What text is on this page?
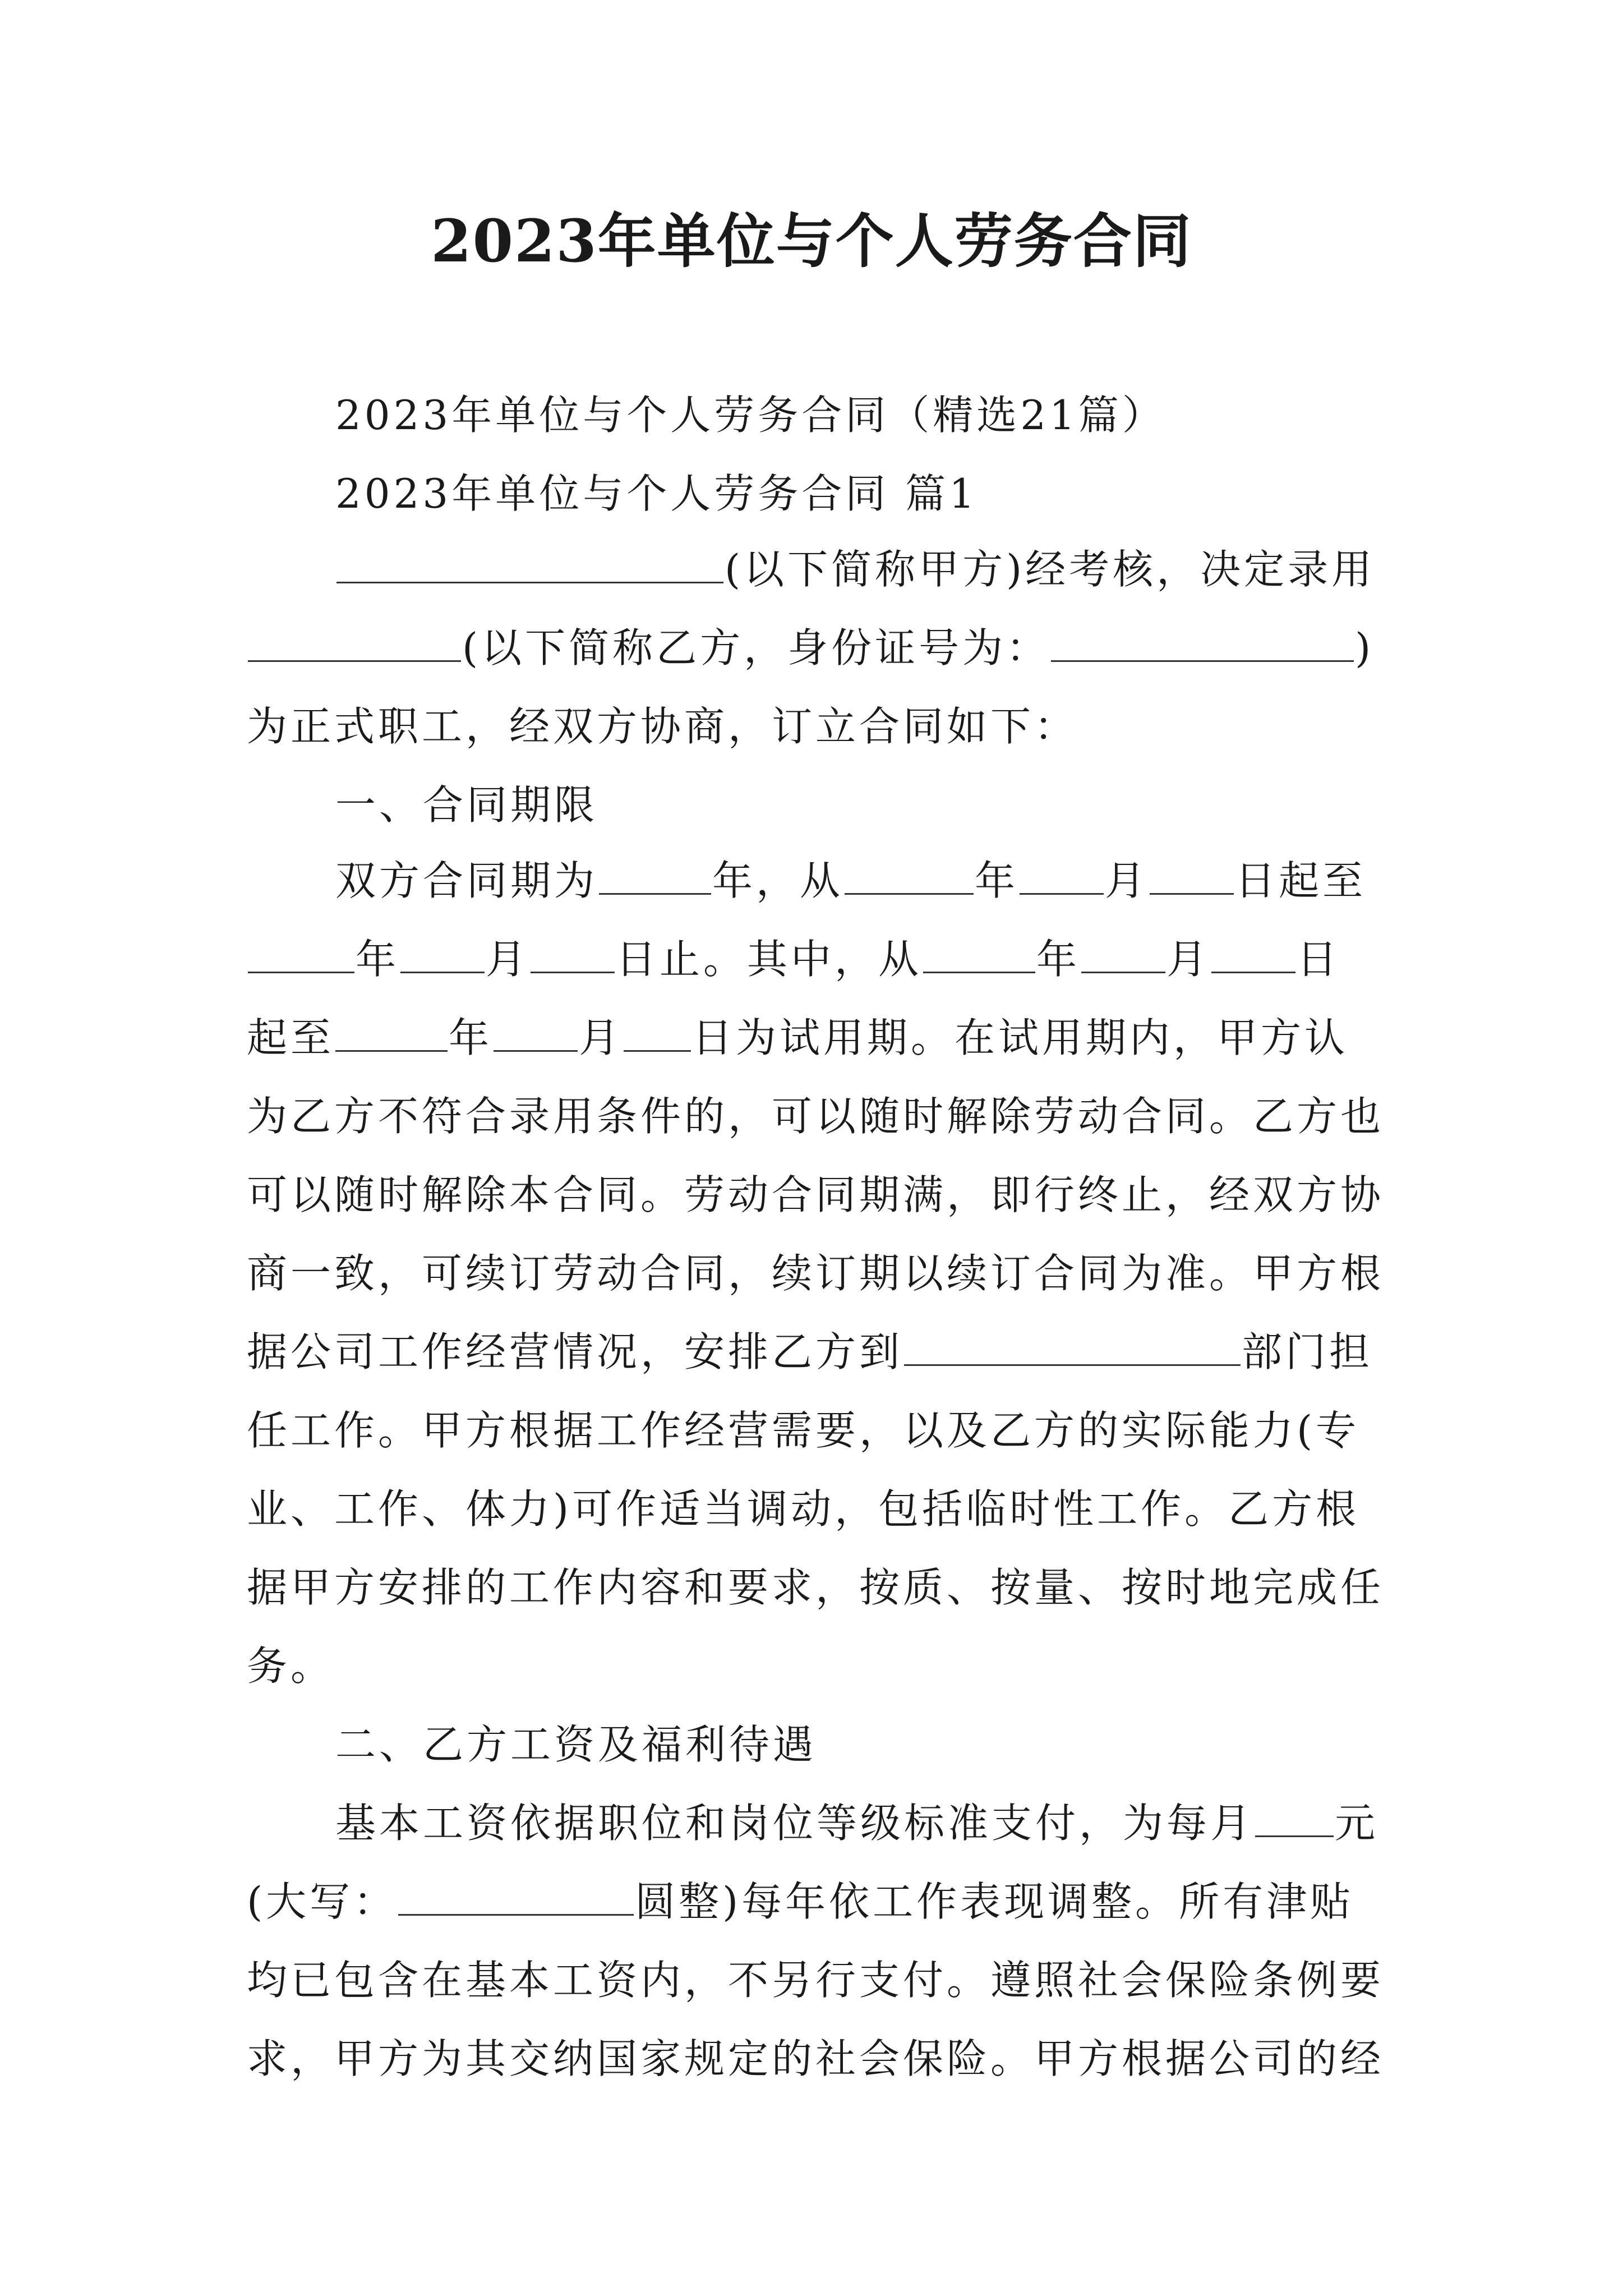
2023年单位与个人劳务合同
2023年单位与个人劳务合同（精选21篇）
2023年单位与个人劳务合同 篇1
(以下简称甲方)经考核，决定录用
(以下简称乙方，身份证号为：	)
为正式职工，经双方协商，订立合同如下：
一、合同期限
双方合同期为	年，从	年 月 日起至
年 月 日止。其中，从	年 月 日
起至	年 月 日为试用期。在试用期内，甲方认
为乙方不符合录用条件的，可以随时解除劳动合同。乙方也
可以随时解除本合同。劳动合同期满，即行终止，经双方协
商一致，可续订劳动合同，续订期以续订合同为准。甲方根
据公司工作经营情况，安排乙方到	部门担
任工作。甲方根据工作经营需要，以及乙方的实际能力(专
业、工作、体力)可作适当调动，包括临时性工作。乙方根
据甲方安排的工作内容和要求，按质、按量、按时地完成任
务。
二、乙方工资及福利待遇
基本工资依据职位和岗位等级标准支付，为每月 元
(大写：	圆整)每年依工作表现调整。所有津贴
均已包含在基本工资内，不另行支付。遵照社会保险条例要
求，甲方为其交纳国家规定的社会保险。甲方根据公司的经
